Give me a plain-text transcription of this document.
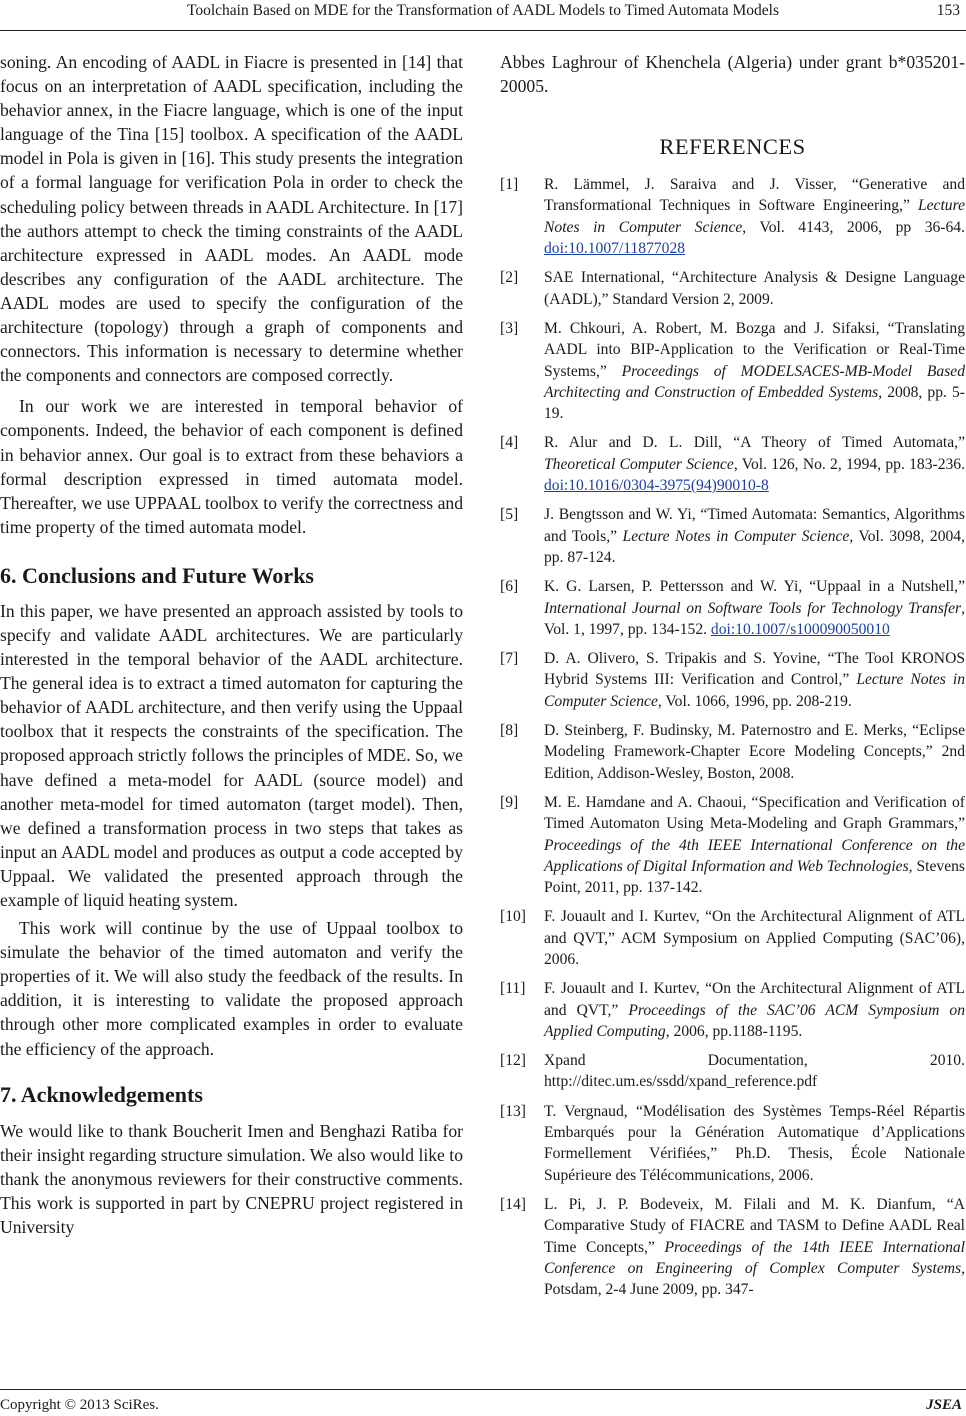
Toolchain Based on MDE for the Transformation of AADL Models to Timed Automata Models	153

soning. An encoding of AADL in Fiacre is presented in [14] that focus on an interpretation of AADL specification, including the behavior annex, in the Fiacre language, which is one of the input language of the Tina [15] toolbox. A specification of the AADL model in Pola is given in [16]. This study presents the integration of a formal language for verification Pola in order to check the scheduling policy between threads in AADL Architecture. In [17] the authors attempt to check the timing constraints of the AADL architecture expressed in AADL modes. An AADL mode describes any configuration of the AADL architecture. The AADL modes are used to specify the configuration of the architecture (topology) through a graph of components and connectors. This information is necessary to determine whether the components and connectors are composed correctly.

In our work we are interested in temporal behavior of components. Indeed, the behavior of each component is defined in behavior annex. Our goal is to extract from these behaviors a formal description expressed in timed automata model. Thereafter, we use UPPAAL toolbox to verify the correctness and time property of the timed automata model.

6. Conclusions and Future Works

In this paper, we have presented an approach assisted by tools to specify and validate AADL architectures. We are particularly interested in the temporal behavior of the AADL architecture. The general idea is to extract a timed automaton for capturing the behavior of AADL architecture, and then verify using the Uppaal toolbox that it respects the constraints of the specification. The proposed approach strictly follows the principles of MDE. So, we have defined a meta-model for AADL (source model) and another meta-model for timed automaton (target model). Then, we defined a transformation process in two steps that takes as input an AADL model and produces as output a code accepted by Uppaal. We validated the presented approach through the example of liquid heating system.

This work will continue by the use of Uppaal toolbox to simulate the behavior of the timed automaton and verify the properties of it. We will also study the feedback of the results. In addition, it is interesting to validate the proposed approach through other more complicated examples in order to evaluate the efficiency of the approach.

7. Acknowledgements

We would like to thank Boucherit Imen and Benghazi Ratiba for their insight regarding structure simulation. We also would like to thank the anonymous reviewers for their constructive comments. This work is supported in part by CNEPRU project registered in University

Abbes Laghrour of Khenchela (Algeria) under grant b*035201- 20005.

REFERENCES
[1]	R. Lämmel, J. Saraiva and J. Visser, “Generative and Transformational Techniques in Software Engineering,” Lecture Notes in Computer Science, Vol. 4143, 2006, pp 36-64. doi:10.1007/11877028
[2]	SAE International, “Architecture Analysis & Designe Language (AADL),” Standard Version 2, 2009.
[3]	M. Chkouri, A. Robert, M. Bozga and J. Sifaksi, “Translating AADL into BIP-Application to the Verification or Real-Time Systems,” Proceedings of MODELSACES-MB-Model Based Architecting and Construction of Embedded Systems, 2008, pp. 5-19.
[4]	R. Alur and D. L. Dill, “A Theory of Timed Automata,” Theoretical Computer Science, Vol. 126, No. 2, 1994, pp. 183-236. doi:10.1016/0304-3975(94)90010-8
[5]	J. Bengtsson and W. Yi, “Timed Automata: Semantics, Algorithms and Tools,” Lecture Notes in Computer Science, Vol. 3098, 2004, pp. 87-124.
[6]	K. G. Larsen, P. Pettersson and W. Yi, “Uppaal in a Nutshell,” International Journal on Software Tools for Technology Transfer, Vol. 1, 1997, pp. 134-152. doi:10.1007/s100090050010
[7]	D. A. Olivero, S. Tripakis and S. Yovine, “The Tool KRONOS Hybrid Systems III: Verification and Control,” Lecture Notes in Computer Science, Vol. 1066, 1996, pp. 208-219.
[8]	D. Steinberg, F. Budinsky, M. Paternostro and E. Merks, “Eclipse Modeling Framework-Chapter Ecore Modeling Concepts,” 2nd Edition, Addison-Wesley, Boston, 2008.
[9]	M. E. Hamdane and A. Chaoui, “Specification and Verification of Timed Automaton Using Meta-Modeling and Graph Grammars,” Proceedings of the 4th IEEE International Conference on the Applications of Digital Information and Web Technologies, Stevens Point, 2011, pp. 137-142.
[10]	F. Jouault and I. Kurtev, “On the Architectural Alignment of ATL and QVT,” ACM Symposium on Applied Computing (SAC’06), 2006.
[11]	F. Jouault and I. Kurtev, “On the Architectural Alignment of ATL and QVT,” Proceedings of the SAC’06 ACM Symposium on Applied Computing, 2006, pp.1188-1195.
[12]	Xpand Documentation, 2010. http://ditec.um.es/ssdd/xpand_reference.pdf
[13]	T. Vergnaud, “Modélisation des Systèmes Temps-Réel Répartis Embarqués pour la Génération Automatique d’Applications Formellement Vérifiées,” Ph.D. Thesis, École Nationale Supérieure des Télécommunications, 2006.
[14]	L. Pi, J. P. Bodeveix, M. Filali and M. K. Dianfum, “A Comparative Study of FIACRE and TASM to Define AADL Real Time Concepts,” Proceedings of the 14th IEEE International Conference on Engineering of Complex Computer Systems, Potsdam, 2-4 June 2009, pp. 347-
Copyright © 2013 SciRes.	JSEA
